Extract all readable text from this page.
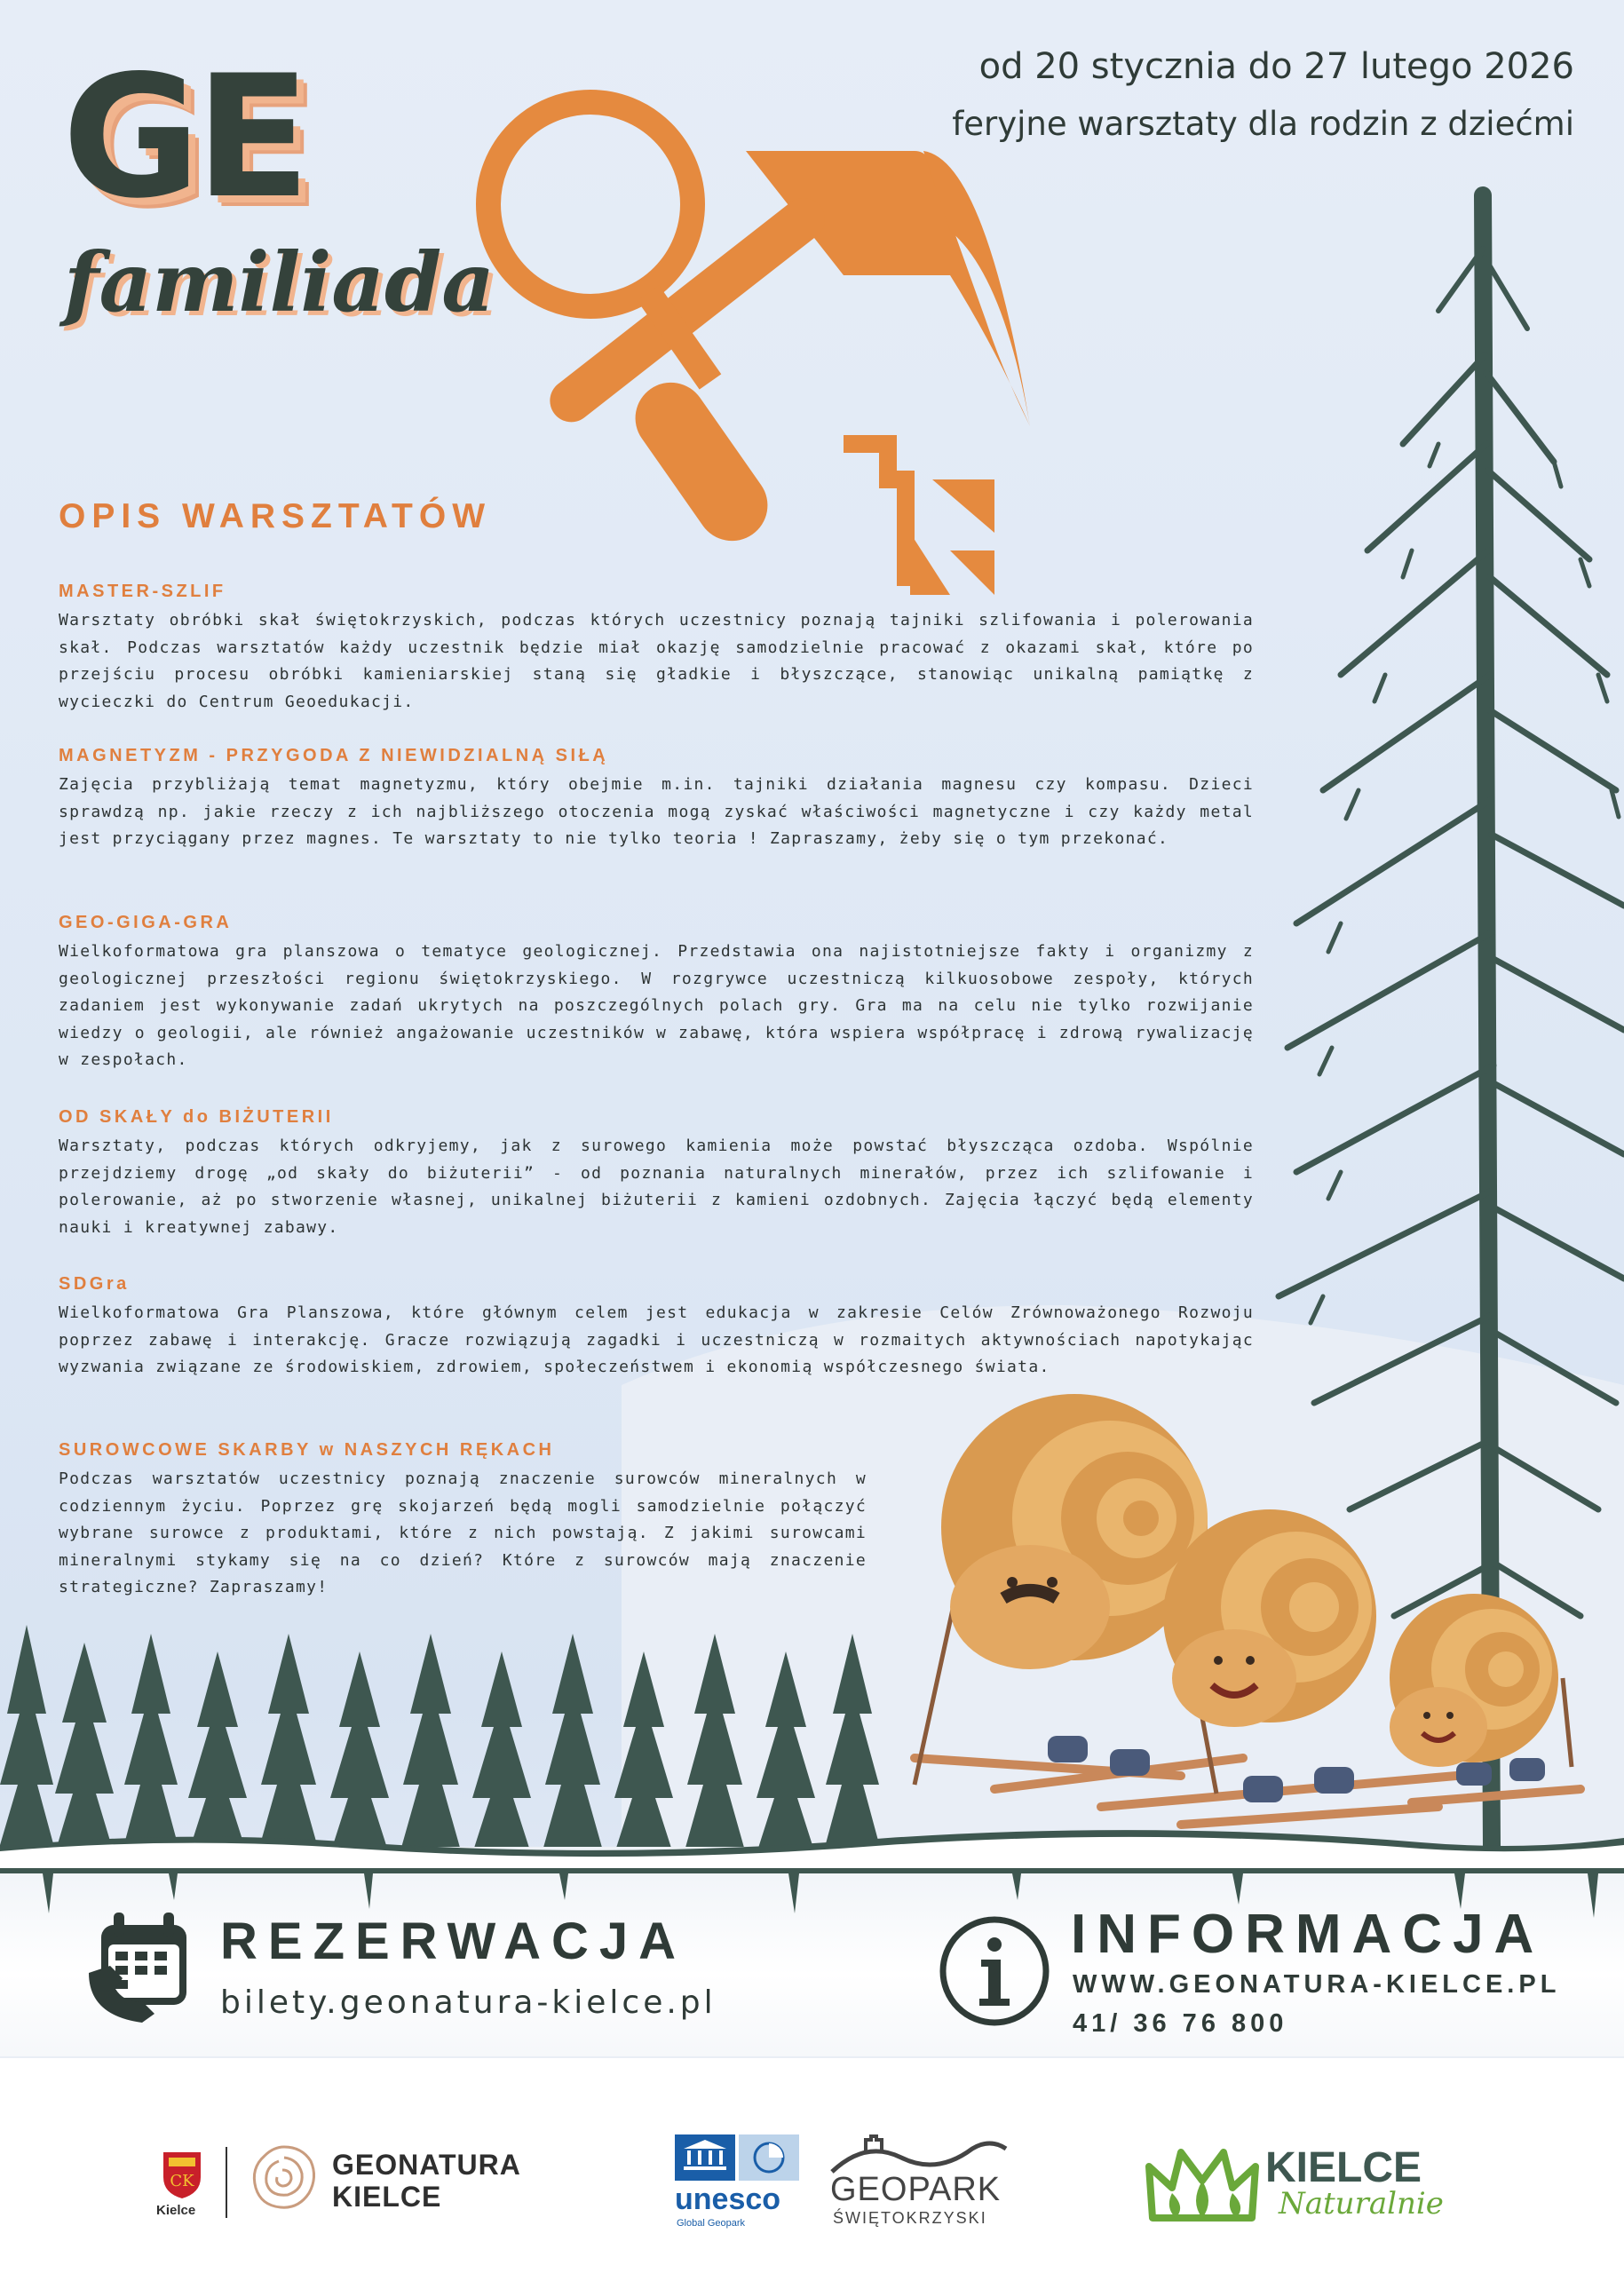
GE
familiada
od 20 stycznia do 27 lutego 2026
feryjne warsztaty dla rodzin z dziećmi
OPIS WARSZTATÓW
MASTER-SZLIF

Warsztaty obróbki skał świętokrzyskich, podczas których uczestnicy poznają tajniki szlifowania i polerowania skał. Podczas warsztatów każdy uczestnik będzie miał okazję samodzielnie pracować z okazami skał, które po przejściu procesu obróbki kamieniarskiej staną się gładkie i błyszczące, stanowiąc unikalną pamiątkę z wycieczki do Centrum Geoedukacji.

MAGNETYZM - PRZYGODA Z NIEWIDZIALNĄ SIŁĄ

Zajęcia przybliżają temat magnetyzmu, który obejmie m.in. tajniki działania magnesu czy kompasu. Dzieci sprawdzą np. jakie rzeczy z ich najbliższego otoczenia mogą zyskać właściwości magnetyczne i czy każdy metal jest przyciągany przez magnes. Te warsztaty to nie tylko teoria ! Zapraszamy, żeby się o tym przekonać.

GEO-GIGA-GRA

Wielkoformatowa gra planszowa o tematyce geologicznej. Przedstawia ona najistotniejsze fakty i organizmy z geologicznej przeszłości regionu świętokrzyskiego. W rozgrywce uczestniczą kilkuosobowe zespoły, których zadaniem jest wykonywanie zadań ukrytych na poszczególnych polach gry. Gra ma na celu nie tylko rozwijanie wiedzy o geologii, ale również angażowanie uczestników w zabawę, która wspiera współpracę i zdrową rywalizację w zespołach.

OD SKAŁY do BIŻUTERII

Warsztaty, podczas których odkryjemy, jak z surowego kamienia może powstać błyszcząca ozdoba. Wspólnie przejdziemy drogę „od skały do biżuterii” - od poznania naturalnych minerałów, przez ich szlifowanie i polerowanie, aż po stworzenie własnej, unikalnej biżuterii z kamieni ozdobnych. Zajęcia łączyć będą elementy nauki i kreatywnej zabawy.

SDGra

Wielkoformatowa Gra Planszowa, które głównym celem jest edukacja w zakresie Celów Zrównoważonego Rozwoju poprzez zabawę i interakcję. Gracze rozwiązują zagadki i uczestniczą w rozmaitych aktywnościach napotykając wyzwania związane ze środowiskiem, zdrowiem, społeczeństwem i ekonomią współczesnego świata.

SUROWCOWE SKARBY w NASZYCH RĘKACH

Podczas warsztatów uczestnicy poznają znaczenie surowców mineralnych w codziennym życiu. Poprzez grę skojarzeń będą mogli samodzielnie połączyć wybrane surowce z produktami, które z nich powstają. Z jakimi surowcami mineralnymi stykamy się na co dzień? Które z surowców mają znaczenie strategiczne? Zapraszamy!

REZERWACJA
bilety.geonatura-kielce.pl
INFORMACJA
WWW.GEONATURA-KIELCE.PL
41/ 36 76 800
CK
Kielce
GEONATURA
KIELCE	unesco
Global Geopark
GEOPARK
ŚWIĘTOKRZYSKI
KIELCE
Naturalnie
